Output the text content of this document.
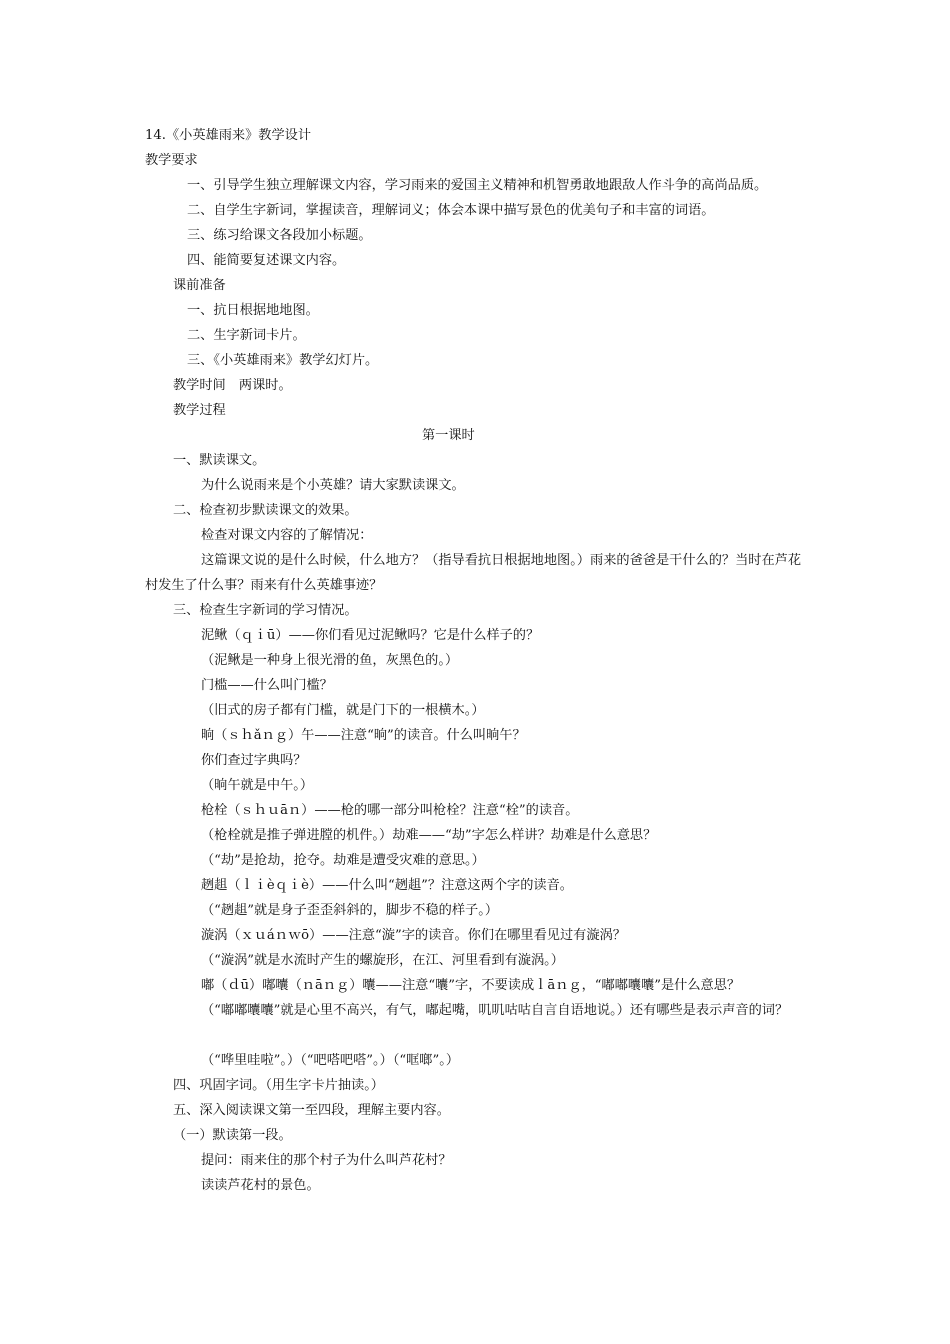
14.《小英雄雨来》教学设计
教学要求
一、引导学生独立理解课文内容，学习雨来的爱国主义精神和机智勇敢地跟敌人作斗争的高尚品质。
二、自学生字新词，掌握读音，理解词义；体会本课中描写景色的优美句子和丰富的词语。
三、练习给课文各段加小标题。
四、能简要复述课文内容。
课前准备
一、抗日根据地地图。
二、生字新词卡片。
三、《小英雄雨来》教学幻灯片。
教学时间　两课时。
教学过程
第一课时
一、默读课文。
为什么说雨来是个小英雄？请大家默读课文。
二、检查初步默读课文的效果。
检查对课文内容的了解情况：
这篇课文说的是什么时候，什么地方？（指导看抗日根据地地图。）雨来的爸爸是干什么的？当时在芦花村发生了什么事？雨来有什么英雄事迹？
三、检查生字新词的学习情况。
泥鳅（ｑｉū）——你们看见过泥鳅吗？它是什么样子的？
（泥鳅是一种身上很光滑的鱼，灰黑色的。）
门槛——什么叫门槛？
（旧式的房子都有门槛，就是门下的一根横木。）
晌（ｓｈǎｎｇ）午——注意“晌”的读音。什么叫晌午？
你们查过字典吗？
（晌午就是中午。）
枪栓（ｓｈｕāｎ）——枪的哪一部分叫枪栓？注意“栓”的读音。
（枪栓就是推子弹进膛的机件。）劫难——“劫”字怎么样讲？劫难是什么意思？
（“劫”是抢劫，抢夺。劫难是遭受灾难的意思。）
趔趄（ｌｉèｑｉè）——什么叫“趔趄”？注意这两个字的读音。
（“趔趄”就是身子歪歪斜斜的，脚步不稳的样子。）
漩涡（ｘｕáｎｗō）——注意“漩”字的读音。你们在哪里看见过有漩涡？
（“漩涡”就是水流时产生的螺旋形，在江、河里看到有漩涡。）
嘟（ｄū）嘟囔（ｎāｎｇ）囔——注意“囔”字，不要读成ｌāｎｇ，“嘟嘟囔囔”是什么意思？
（“嘟嘟囔囔”就是心里不高兴，有气，嘟起嘴，叽叽咕咕自言自语地说。）还有哪些是表示声音的词？
（“哗里哇啦”。）（“吧嗒吧嗒”。）（“哐啷”。）
四、巩固字词。（用生字卡片抽读。）
五、深入阅读课文第一至四段，理解主要内容。
（一）默读第一段。
提问：雨来住的那个村子为什么叫芦花村？
读读芦花村的景色。
